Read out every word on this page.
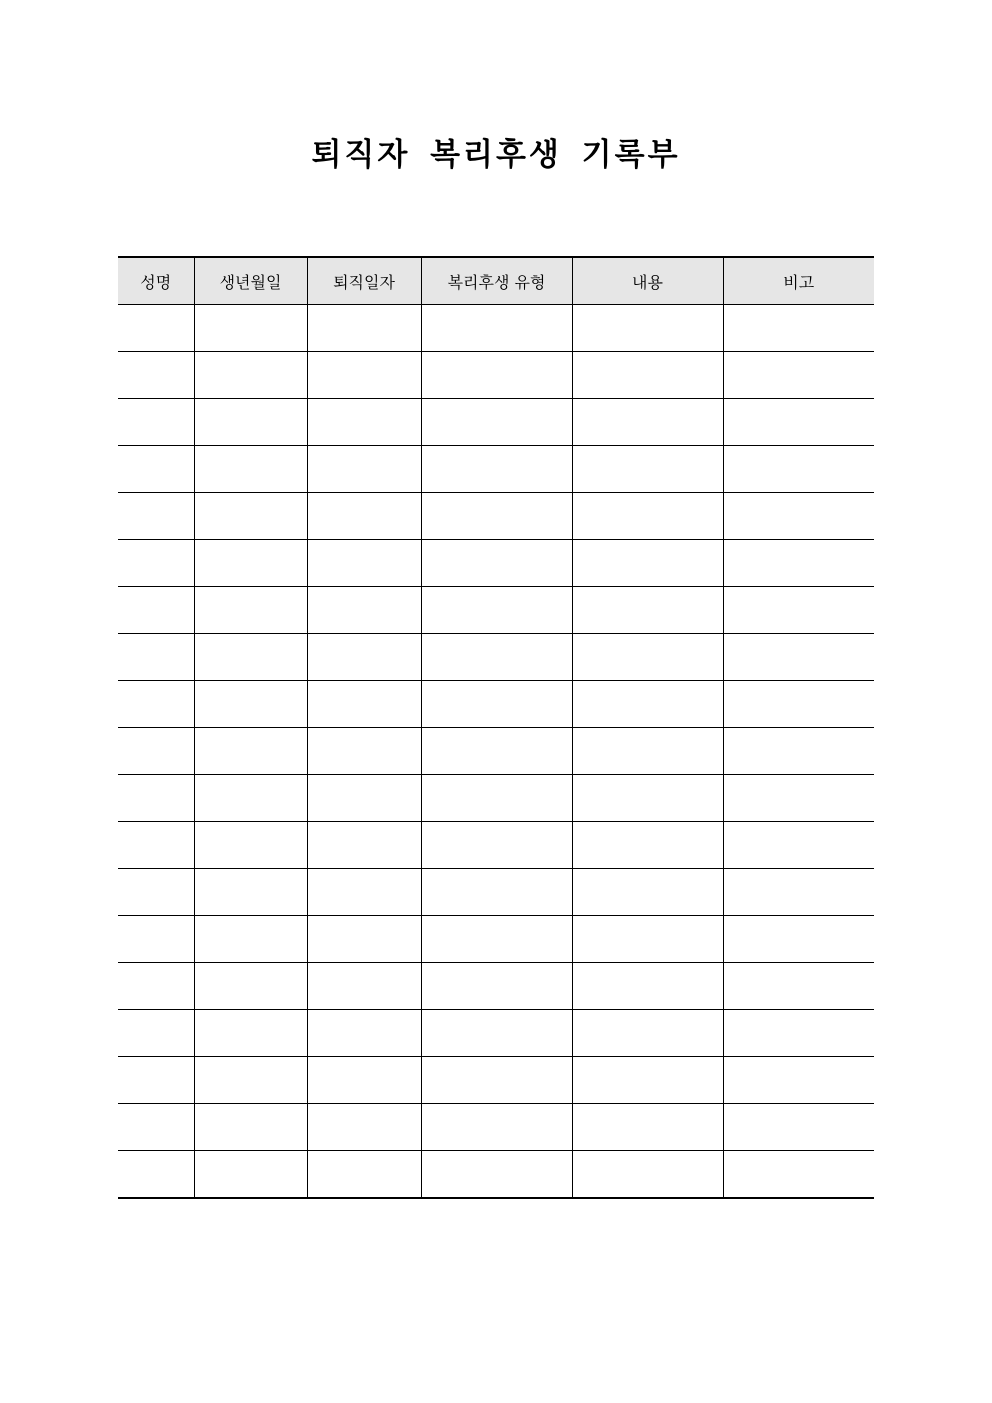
퇴직자 복리후생 기록부
성명	생년월일	퇴직일자	복리후생 유형	내용	비고
